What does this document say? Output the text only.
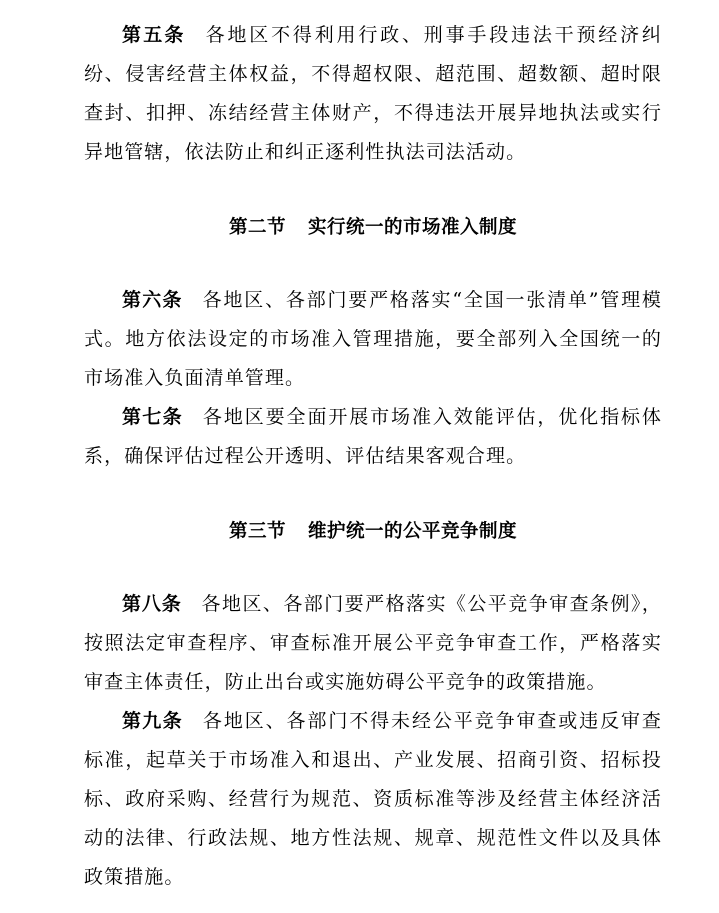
第五条 各地区不得利用行政、刑事手段违法干预经济纠纷、侵害经营主体权益，不得超权限、超范围、超数额、超时限查封、扣押、冻结经营主体财产，不得违法开展异地执法或实行异地管辖，依法防止和纠正逐利性执法司法活动。

第二节 实行统一的市场准入制度

第六条 各地区、各部门要严格落实“全国一张清单”管理模式。地方依法设定的市场准入管理措施，要全部列入全国统一的市场准入负面清单管理。

第七条 各地区要全面开展市场准入效能评估，优化指标体系，确保评估过程公开透明、评估结果客观合理。

第三节 维护统一的公平竞争制度

第八条 各地区、各部门要严格落实《公平竞争审查条例》，按照法定审查程序、审查标准开展公平竞争审查工作，严格落实审查主体责任，防止出台或实施妨碍公平竞争的政策措施。

第九条 各地区、各部门不得未经公平竞争审查或违反审查标准，起草关于市场准入和退出、产业发展、招商引资、招标投标、政府采购、经营行为规范、资质标准等涉及经营主体经济活动的法律、行政法规、地方性法规、规章、规范性文件以及具体政策措施。
